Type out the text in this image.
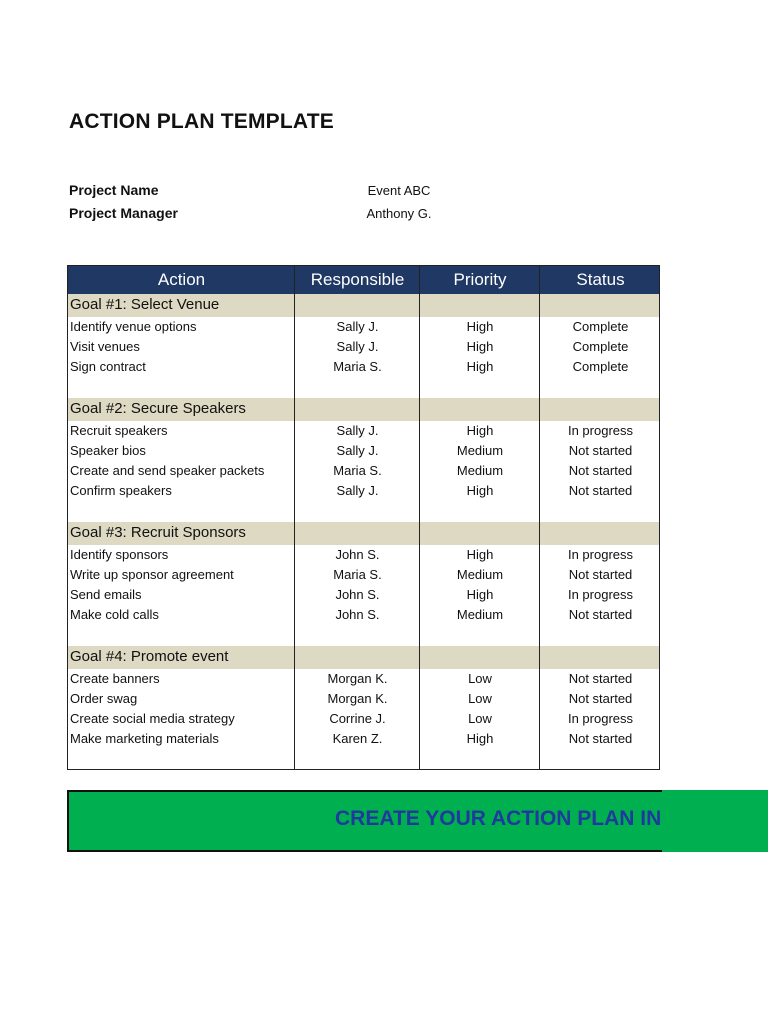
ACTION PLAN TEMPLATE
Project Name	Event ABC
Project Manager	Anthony G.
Action	Responsible	Priority	Status
Goal #1: Select Venue
Identify venue options	Sally J.	High	Complete
Visit venues	Sally J.	High	Complete
Sign contract	Maria S.	High	Complete
Goal #2: Secure Speakers
Recruit speakers	Sally J.	High	In progress
Speaker bios	Sally J.	Medium	Not started
Create and send speaker packets	Maria S.	Medium	Not started
Confirm speakers	Sally J.	High	Not started
Goal #3: Recruit Sponsors
Identify sponsors	John S.	High	In progress
Write up sponsor agreement	Maria S.	Medium	Not started
Send emails	John S.	High	In progress
Make cold calls	John S.	Medium	Not started
Goal #4: Promote event
Create banners	Morgan K.	Low	Not started
Order swag	Morgan K.	Low	Not started
Create social media strategy	Corrine J.	Low	In progress
Make marketing materials	Karen Z.	High	Not started
CREATE YOUR ACTION PLAN IN
